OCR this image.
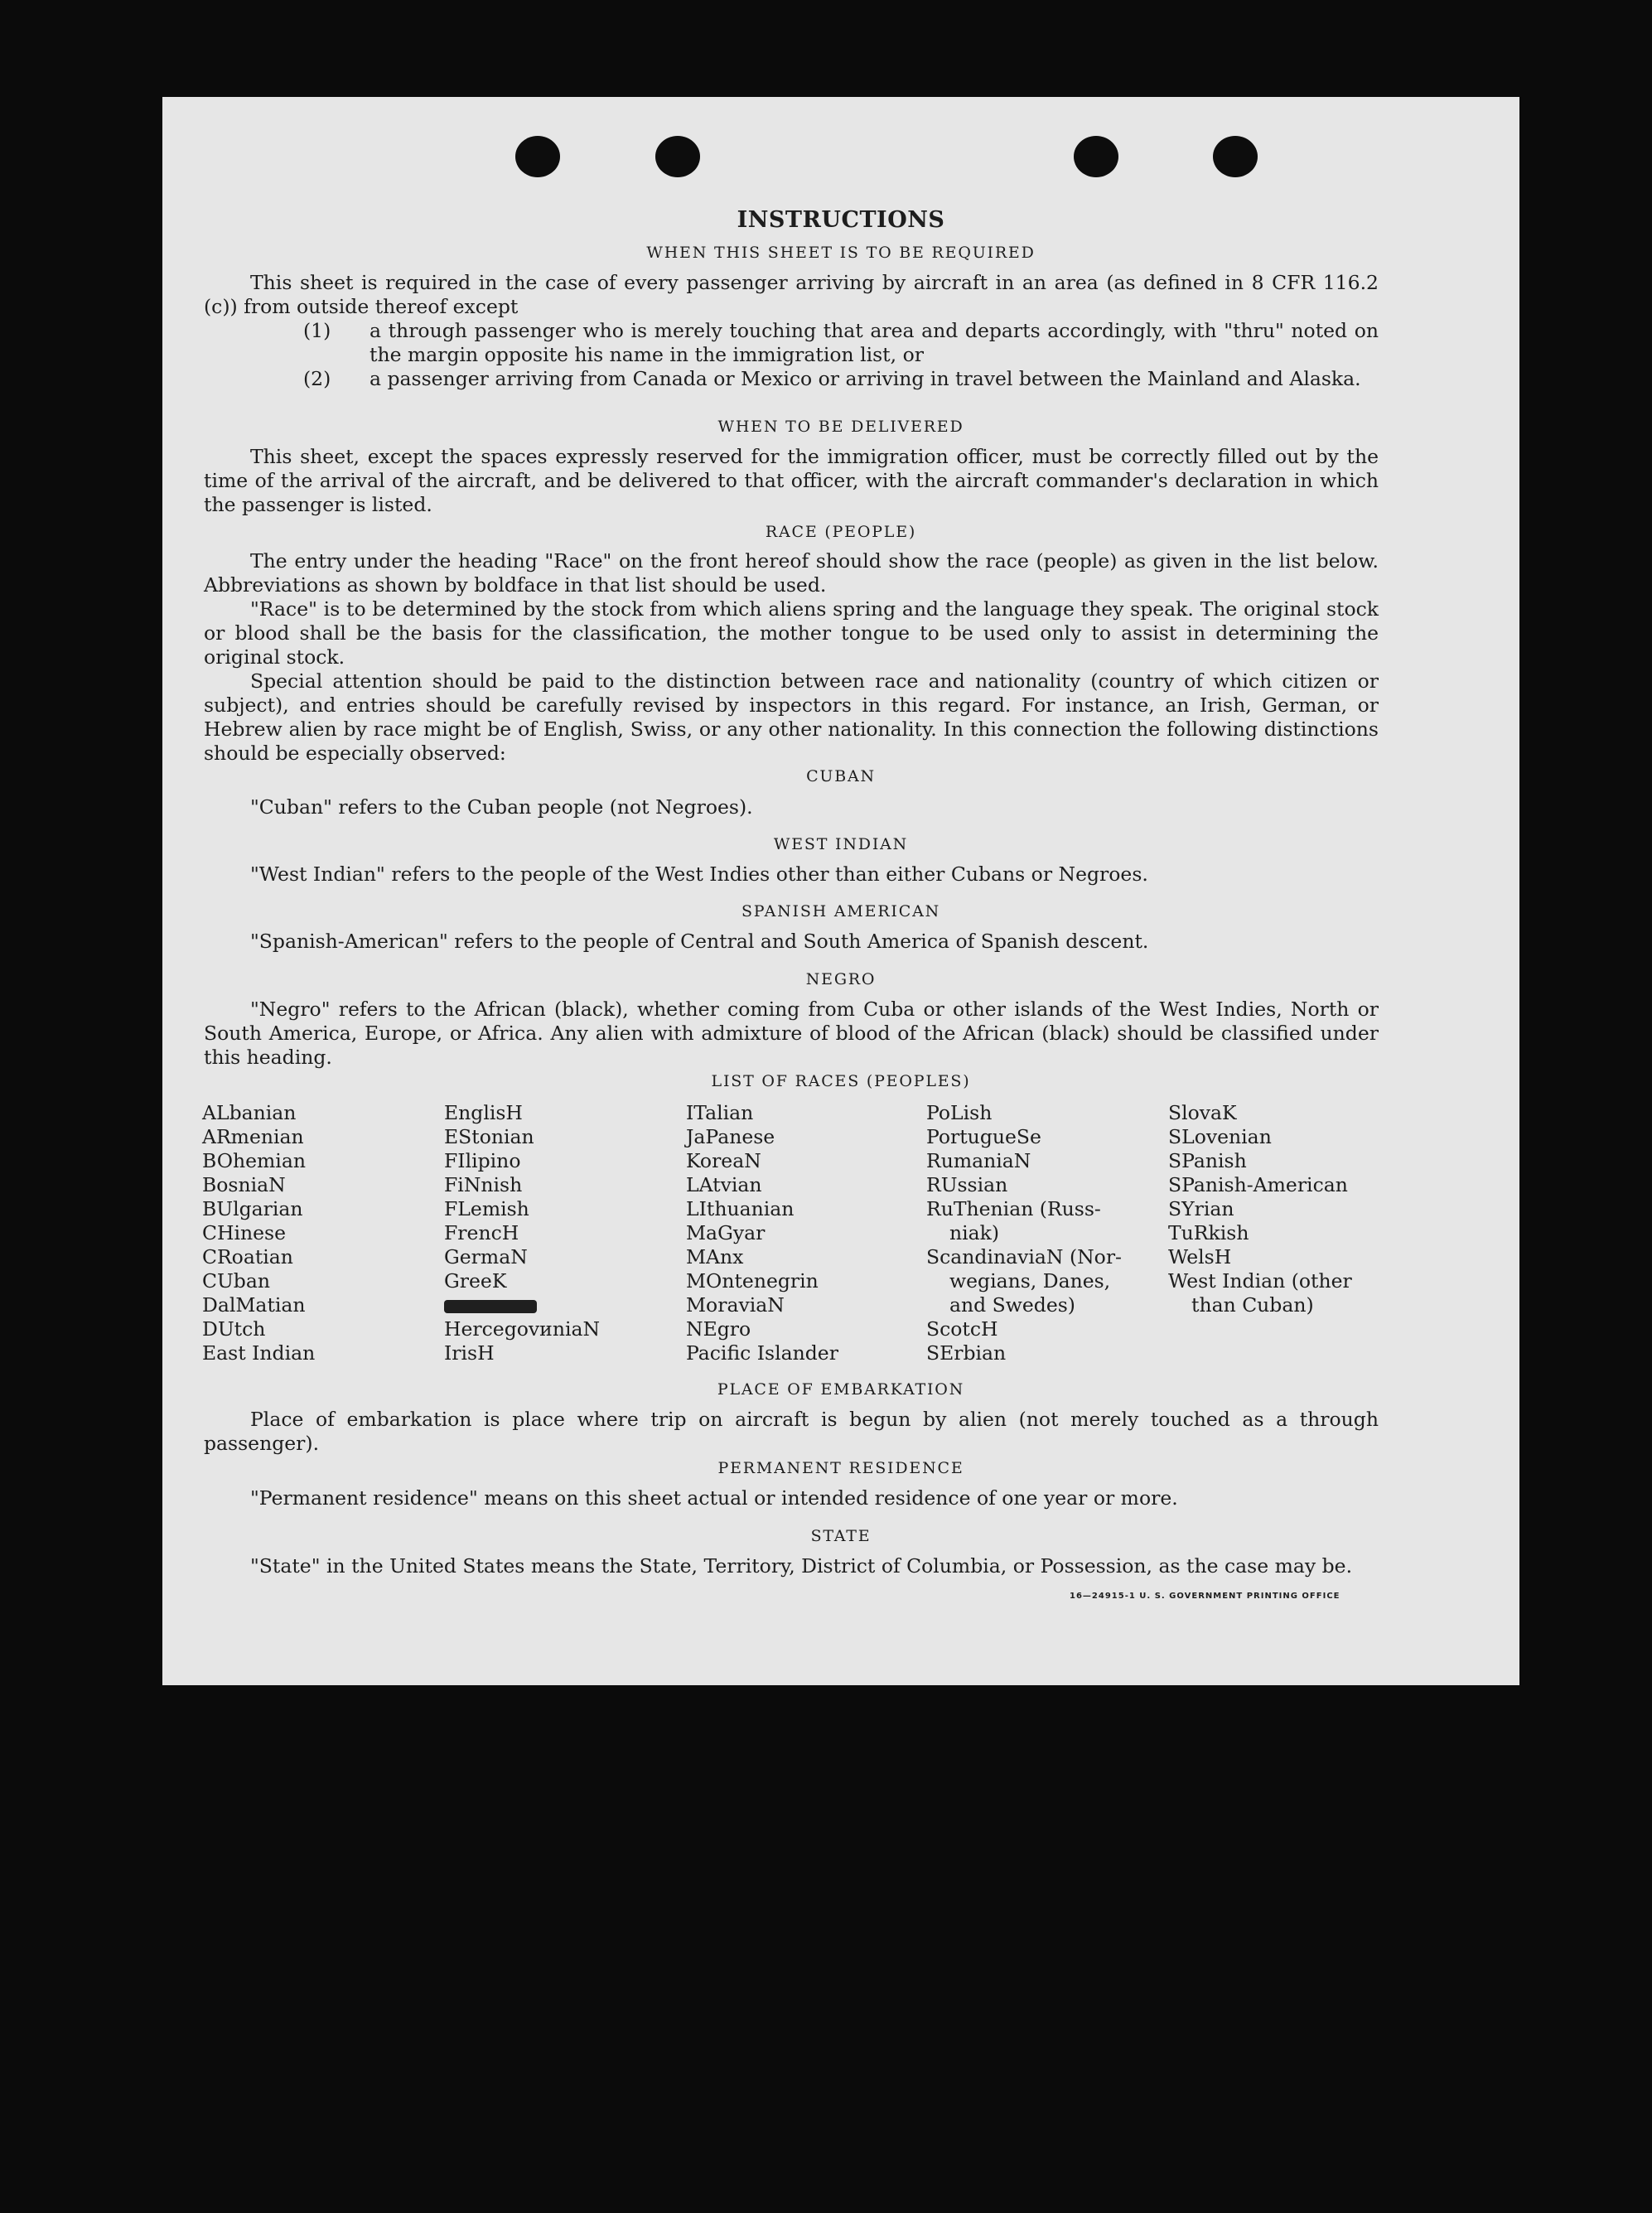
INSTRUCTIONS
WHEN THIS SHEET IS TO BE REQUIRED
This sheet is required in the case of every passenger arriving by aircraft in an area (as defined in 8 CFR 116.2 (c)) from outside thereof except
(1) a through passenger who is merely touching that area and departs accordingly, with "thru" noted on the margin opposite his name in the immigration list, or
(2) a passenger arriving from Canada or Mexico or arriving in travel between the Mainland and Alaska.
WHEN TO BE DELIVERED
This sheet, except the spaces expressly reserved for the immigration officer, must be correctly filled out by the time of the arrival of the aircraft, and be delivered to that officer, with the aircraft commander's declaration in which the passenger is listed.
RACE (PEOPLE)
The entry under the heading "Race" on the front hereof should show the race (people) as given in the list below. Abbreviations as shown by boldface in that list should be used.
"Race" is to be determined by the stock from which aliens spring and the language they speak. The original stock or blood shall be the basis for the classification, the mother tongue to be used only to assist in determining the original stock.
Special attention should be paid to the distinction between race and nationality (country of which citizen or subject), and entries should be carefully revised by inspectors in this regard. For instance, an Irish, German, or Hebrew alien by race might be of English, Swiss, or any other nationality. In this connection the following distinctions should be especially observed:
CUBAN
"Cuban" refers to the Cuban people (not Negroes).
WEST INDIAN
"West Indian" refers to the people of the West Indies other than either Cubans or Negroes.
SPANISH AMERICAN
"Spanish-American" refers to the people of Central and South America of Spanish descent.
NEGRO
"Negro" refers to the African (black), whether coming from Cuba or other islands of the West Indies, North or South America, Europe, or Africa. Any alien with admixture of blood of the African (black) should be classified under this heading.
LIST OF RACES (PEOPLES)
ALbanian
ARmenian
BOhemian
BosniaN
BUlgarian
CHinese
CRoatian
CUban
DalMatian
DUtch
East Indian
EnglisH
EStonian
FIlipino
FiNnish
FLemish
FrencH
GermaN
GreeK
HercegovиniaN
IrisH
ITalian
JaPanese
KoreaN
LAtvian
LIthuanian
MaGyar
MAnx
MOntenegrin
MoraviaN
NEgro
Pacific Islander
PoLish
PortugueSe
RumaniaN
RUssian
RuThenian (Russ-
niak)
ScandinaviaN (Nor-
wegians, Danes,
and Swedes)
ScotcH
SErbian
SlovaK
SLovenian
SPanish
SPanish-American
SYrian
TuRkish
WelsH
West Indian (other
than Cuban)
PLACE OF EMBARKATION
Place of embarkation is place where trip on aircraft is begun by alien (not merely touched as a through passenger).
PERMANENT RESIDENCE
"Permanent residence" means on this sheet actual or intended residence of one year or more.
STATE
"State" in the United States means the State, Territory, District of Columbia, or Possession, as the case may be.
16—24915-1 U. S. GOVERNMENT PRINTING OFFICE
